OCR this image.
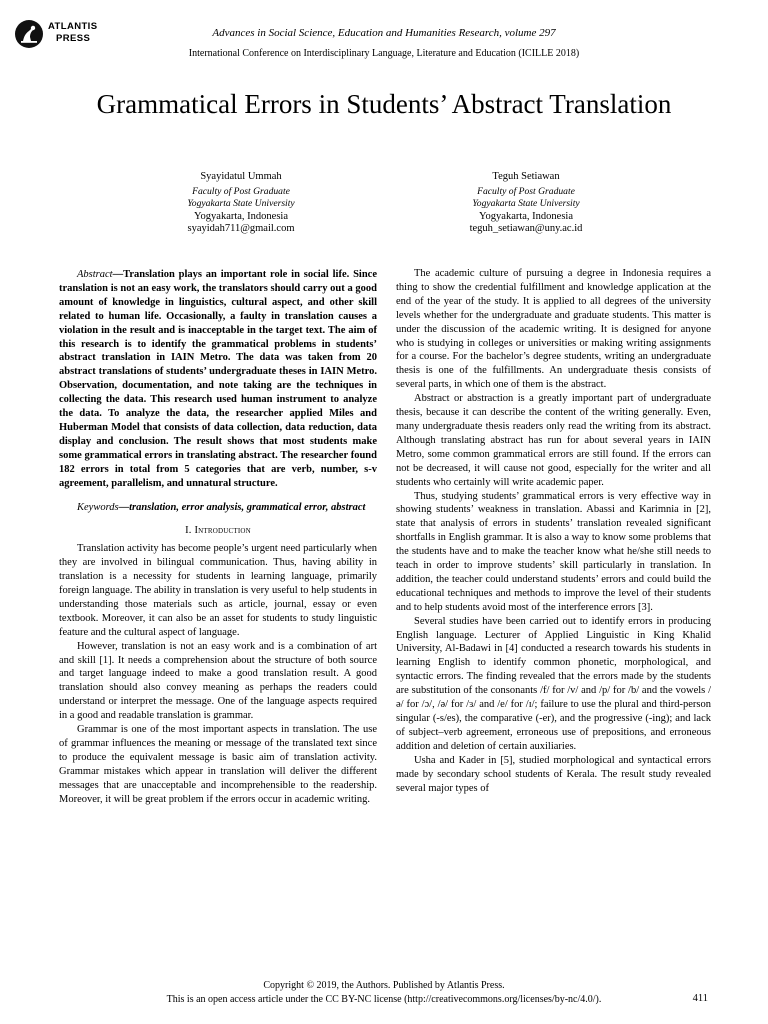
ATLANTIS
PRESS	Advances in Social Science, Education and Humanities Research, volume 297
International Conference on Interdisciplinary Language, Literature and Education (ICILLE 2018)
Grammatical Errors in Students’ Abstract Translation
Syayidatul Ummah
Faculty of Post Graduate
Yogyakarta State University
Yogyakarta, Indonesia
syayidah711@gmail.com
Teguh Setiawan
Faculty of Post Graduate
Yogyakarta State University
Yogyakarta, Indonesia
teguh_setiawan@uny.ac.id

Abstract—Translation plays an important role in social life. Since translation is not an easy work, the translators should carry out a good amount of knowledge in linguistics, cultural aspect, and other skill related to human life. Occasionally, a faulty in translation causes a violation in the result and is inacceptable in the target text. The aim of this research is to identify the grammatical problems in students’ abstract translation in IAIN Metro. The data was taken from 20 abstract translations of students’ undergraduate theses in IAIN Metro. Observation, documentation, and note taking are the techniques in collecting the data. This research used human instrument to analyze the data. To analyze the data, the researcher applied Miles and Huberman Model that consists of data collection, data reduction, data display and conclusion. The result shows that most students make some grammatical errors in translating abstract. The researcher found 182 errors in total from 5 categories that are verb, number, s-v agreement, parallelism, and unnatural structure.

Keywords—translation, error analysis, grammatical error, abstract

I. Introduction

Translation activity has become people’s urgent need particularly when they are involved in bilingual communication. Thus, having ability in translation is a necessity for students in learning language, primarily foreign language. The ability in translation is very useful to help students in understanding those materials such as article, journal, essay or even textbook. Moreover, it can also be an asset for students to study linguistic feature and the cultural aspect of language.

However, translation is not an easy work and is a combination of art and skill [1]. It needs a comprehension about the structure of both source and target language indeed to make a good translation result. A good translation should also convey meaning as perhaps the readers could understand or interpret the message. One of the language aspects required in a good and readable translation is grammar.

Grammar is one of the most important aspects in translation. The use of grammar influences the meaning or message of the translated text since to produce the equivalent message is basic aim of translation activity. Grammar mistakes which appear in translation will deliver the different messages that are unacceptable and incomprehensible to the readership. Moreover, it will be great problem if the errors occur in academic writing.

The academic culture of pursuing a degree in Indonesia requires a thing to show the credential fulfillment and knowledge application at the end of the year of the study. It is applied to all degrees of the university levels whether for the undergraduate and graduate students. This matter is under the discussion of the academic writing. It is designed for anyone who is studying in colleges or universities or making writing assignments for a course. For the bachelor’s degree students, writing an undergraduate thesis is one of the fulfillments. An undergraduate thesis consists of several parts, in which one of them is the abstract.

Abstract or abstraction is a greatly important part of undergraduate thesis, because it can describe the content of the writing generally. Even, many undergraduate thesis readers only read the writing from its abstract. Although translating abstract has run for about several years in IAIN Metro, some common grammatical errors are still found. If the errors can not be decreased, it will cause not good, especially for the writer and all students who certainly will write academic paper.

Thus, studying students’ grammatical errors is very effective way in showing students’ weakness in translation. Abassi and Karimnia in [2], state that analysis of errors in students’ translation revealed significant shortfalls in English grammar. It is also a way to know some problems that the students have and to make the teacher know what he/she still needs to teach in order to improve students’ skill particularly in translation. In addition, the teacher could understand students’ errors and could build the educational techniques and methods to improve the level of their students and to help students avoid most of the interference errors [3].

Several studies have been carried out to identify errors in producing English language. Lecturer of Applied Linguistic in King Khalid University, Al-Badawi in [4] conducted a research towards his students in learning English to identify common phonetic, morphological, and syntactic errors. The finding revealed that the errors made by the students are substitution of the consonants /f/ for /v/ and /p/ for /b/ and the vowels /ə/ for /ɔ/, /ə/ for /ɜ/ and /e/ for /ɪ/; failure to use the plural and third-person singular (-s/es), the comparative (-er), and the progressive (-ing); and lack of subject–verb agreement, erroneous use of prepositions, and erroneous addition and deletion of certain auxiliaries.

Usha and Kader in [5], studied morphological and syntactical errors made by secondary school students of Kerala. The result study revealed several major types of

Copyright © 2019, the Authors. Published by Atlantis Press.
This is an open access article under the CC BY-NC license (http://creativecommons.org/licenses/by-nc/4.0/).	411
